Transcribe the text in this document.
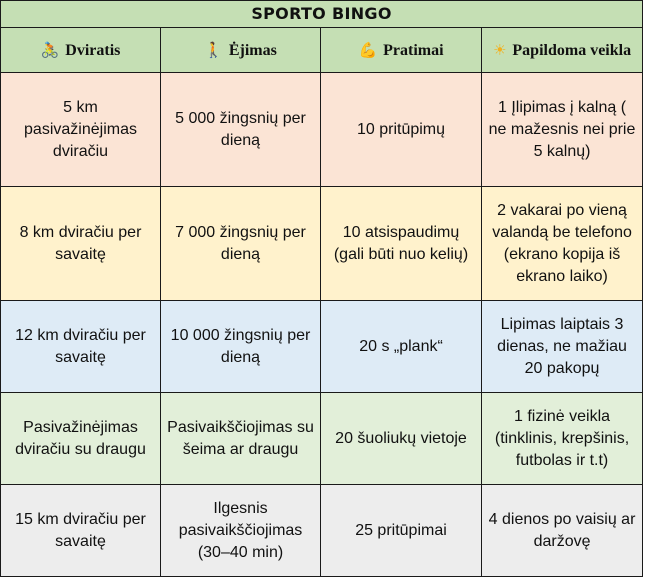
SPORTO BINGO			
🚴 Dviratis	🚶 Ėjimas	💪 Pratimai	☀ Papildoma veikla
5 km pasivažinėjimas dviračiu	5 000 žingsnių per dieną	10 pritūpimų	1 Įlipimas į kalną ( ne mažesnis nei prie 5 kalnų)
8 km dviračiu per savaitę	7 000 žingsnių per dieną	10 atsispaudimų (gali būti nuo kelių)	2 vakarai po vieną valandą be telefono (ekrano kopija iš ekrano laiko)
12 km dviračiu per savaitę	10 000 žingsnių per dieną	20 s „plank“	Lipimas laiptais 3 dienas, ne mažiau 20 pakopų
Pasivažinėjimas dviračiu su draugu	Pasivaikščiojimas su šeima ar draugu	20 šuoliukų vietoje	1 fizinė veikla (tinklinis, krepšinis, futbolas ir t.t)
15 km dviračiu per savaitę	Ilgesnis pasivaikščiojimas (30–40 min)	25 pritūpimai	4 dienos po vaisių ar daržovę
